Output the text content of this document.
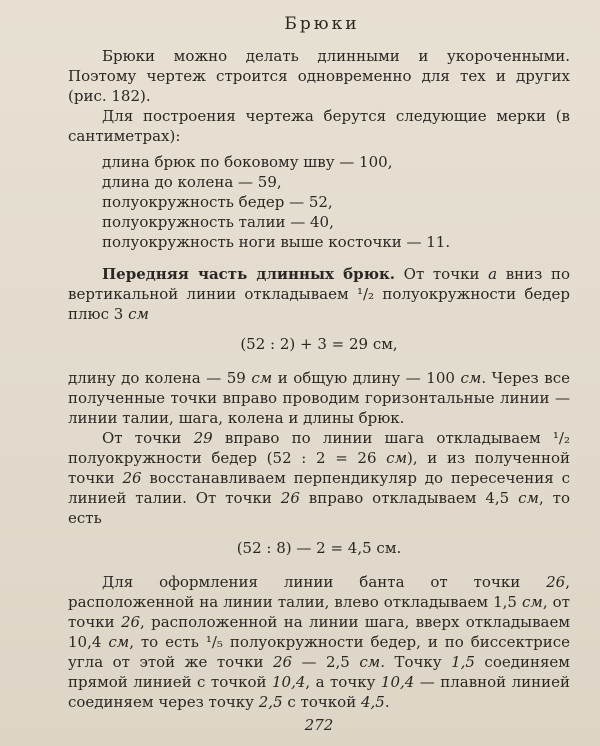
Брюки

Брюки можно делать длинными и укороченными. Поэтому чертеж строится одновременно для тех и других (рис. 182).

Для построения чертежа берутся следующие мерки (в сантиметрах):

длина брюк по боковому шву — 100,
длина до колена — 59,
полуокружность бедер — 52,
полуокружность талии — 40,
полуокружность ноги выше косточки — 11.

Передняя часть длинных брюк. От точки а вниз по вертикальной линии откладываем ¹/₂ полуокружности бедер плюс 3 см

(52 : 2) + 3 = 29 см,

длину до колена — 59 см и общую длину — 100 см. Через все полученные точки вправо проводим горизонтальные линии — линии талии, шага, колена и длины брюк.

От точки 29 вправо по линии шага откладываем ¹/₂ полуокружности бедер (52 : 2 = 26 см), и из полученной точки 26 восстанавливаем перпендикуляр до пересечения с линией талии. От точки 26 вправо откладываем 4,5 см, то есть

(52 : 8) — 2 = 4,5 см.

Для оформления линии банта от точки 26, расположенной на линии талии, влево откладываем 1,5 см, от точки 26, расположенной на линии шага, вверх откладываем 10,4 см, то есть ¹/₅ полуокружности бедер, и по биссектрисе угла от этой же точки 26 — 2,5 см. Точку 1,5 соединяем прямой линией с точкой 10,4, а точку 10,4 — плавной линией соединяем через точку 2,5 с точкой 4,5.

272
